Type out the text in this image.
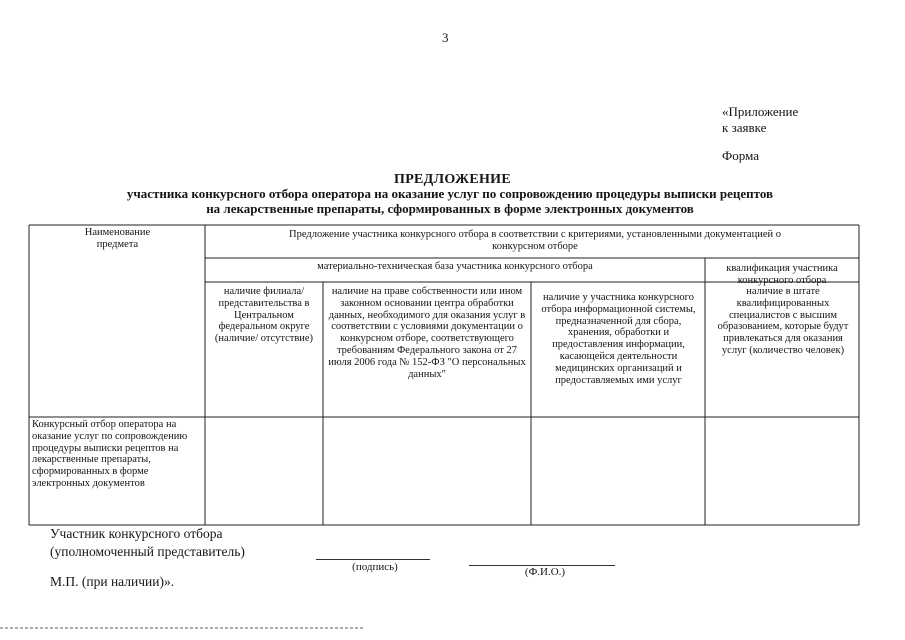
3
«Приложение
к заявке
Форма
ПРЕДЛОЖЕНИЕ
участника конкурсного отбора оператора на оказание услуг по сопровождению процедуры выписки рецептов
на лекарственные препараты, сформированных в форме электронных документов
Наименование предмета
Предложение участника конкурсного отбора в соответствии с критериями, установленными документацией о конкурсном отборе
материально-техническая база участника конкурсного отбора	квалификация участника конкурсного отбора
наличие филиала/ представительства в Центральном федеральном округе (наличие/ отсутствие)
наличие на праве собственности или ином законном основании центра обработки данных, необходимого для оказания услуг в соответствии с условиями документации о конкурсном отборе, соответствующего требованиям Федерального закона от 27 июля 2006 года № 152-ФЗ "О персональных данных"
наличие у участника конкурсного отбора информационной системы, предназначенной для сбора, хранения, обработки и предоставления информации, касающейся деятельности медицинских организаций и предоставляемых ими услуг
наличие в штате квалифицированных специалистов с высшим образованием, которые будут привлекаться для оказания услуг (количество человек)
Конкурсный отбор оператора на оказание услуг по сопровождению процедуры выписки рецептов на лекарственные препараты, сформированных в форме электронных документов
Участник конкурсного отбора
(уполномоченный представитель)
(подпись)	(Ф.И.О.)
М.П. (при наличии)».
